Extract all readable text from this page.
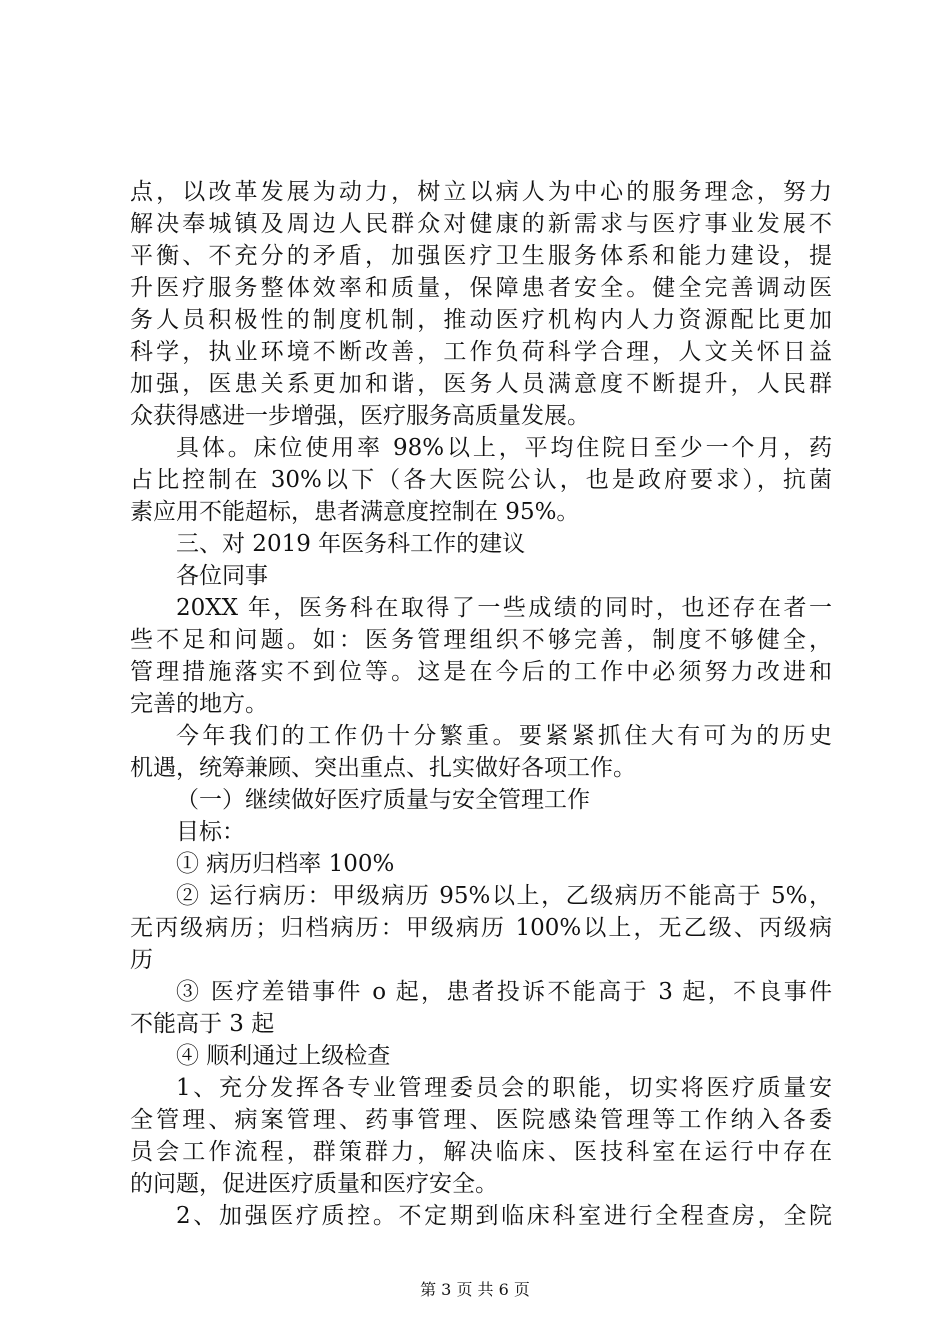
点，以改革发展为动力，树立以病人为中心的服务理念，努力
解决奉城镇及周边人民群众对健康的新需求与医疗事业发展不
平衡、不充分的矛盾，加强医疗卫生服务体系和能力建设，提
升医疗服务整体效率和质量，保障患者安全。健全完善调动医
务人员积极性的制度机制，推动医疗机构内人力资源配比更加
科学，执业环境不断改善，工作负荷科学合理，人文关怀日益
加强，医患关系更加和谐，医务人员满意度不断提升，人民群
众获得感进一步增强，医疗服务高质量发展。
具体。床位使用率 98%以上，平均住院日至少一个月，药
占比控制在 30%以下（各大医院公认，也是政府要求），抗菌
素应用不能超标，患者满意度控制在 95%。
三、对 2019 年医务科工作的建议
各位同事
20XX 年，医务科在取得了一些成绩的同时，也还存在者一
些不足和问题。如：医务管理组织不够完善，制度不够健全，
管理措施落实不到位等。这是在今后的工作中必须努力改进和
完善的地方。
今年我们的工作仍十分繁重。要紧紧抓住大有可为的历史
机遇，统筹兼顾、突出重点、扎实做好各项工作。
（一）继续做好医疗质量与安全管理工作
目标：
① 病历归档率 100%
② 运行病历：甲级病历 95%以上，乙级病历不能高于 5%，
无丙级病历；归档病历：甲级病历 100%以上，无乙级、丙级病
历
③ 医疗差错事件 o 起，患者投诉不能高于 3 起，不良事件
不能高于 3 起
④ 顺利通过上级检查
1、充分发挥各专业管理委员会的职能，切实将医疗质量安
全管理、病案管理、药事管理、医院感染管理等工作纳入各委
员会工作流程，群策群力，解决临床、医技科室在运行中存在
的问题，促进医疗质量和医疗安全。
2、加强医疗质控。不定期到临床科室进行全程查房，全院
第 3 页 共 6 页
